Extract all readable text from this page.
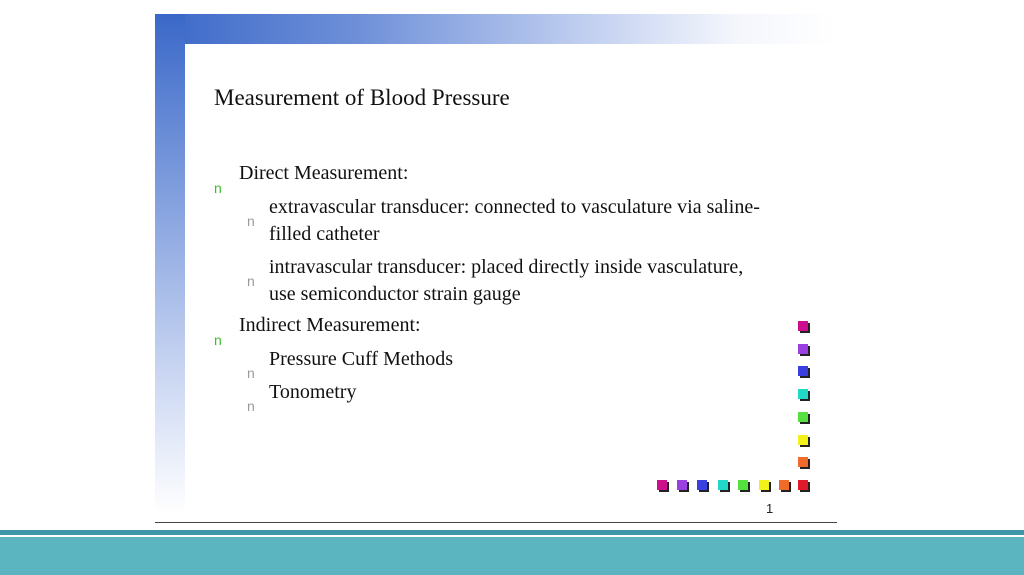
Measurement of Blood Pressure
n
Direct Measurement:
n
extravascular transducer: connected to vasculature via saline-filled catheter
n
intravascular transducer: placed directly inside vasculature, use semiconductor strain gauge
n
Indirect Measurement:
n
Pressure Cuff Methods
n
Tonometry
1
